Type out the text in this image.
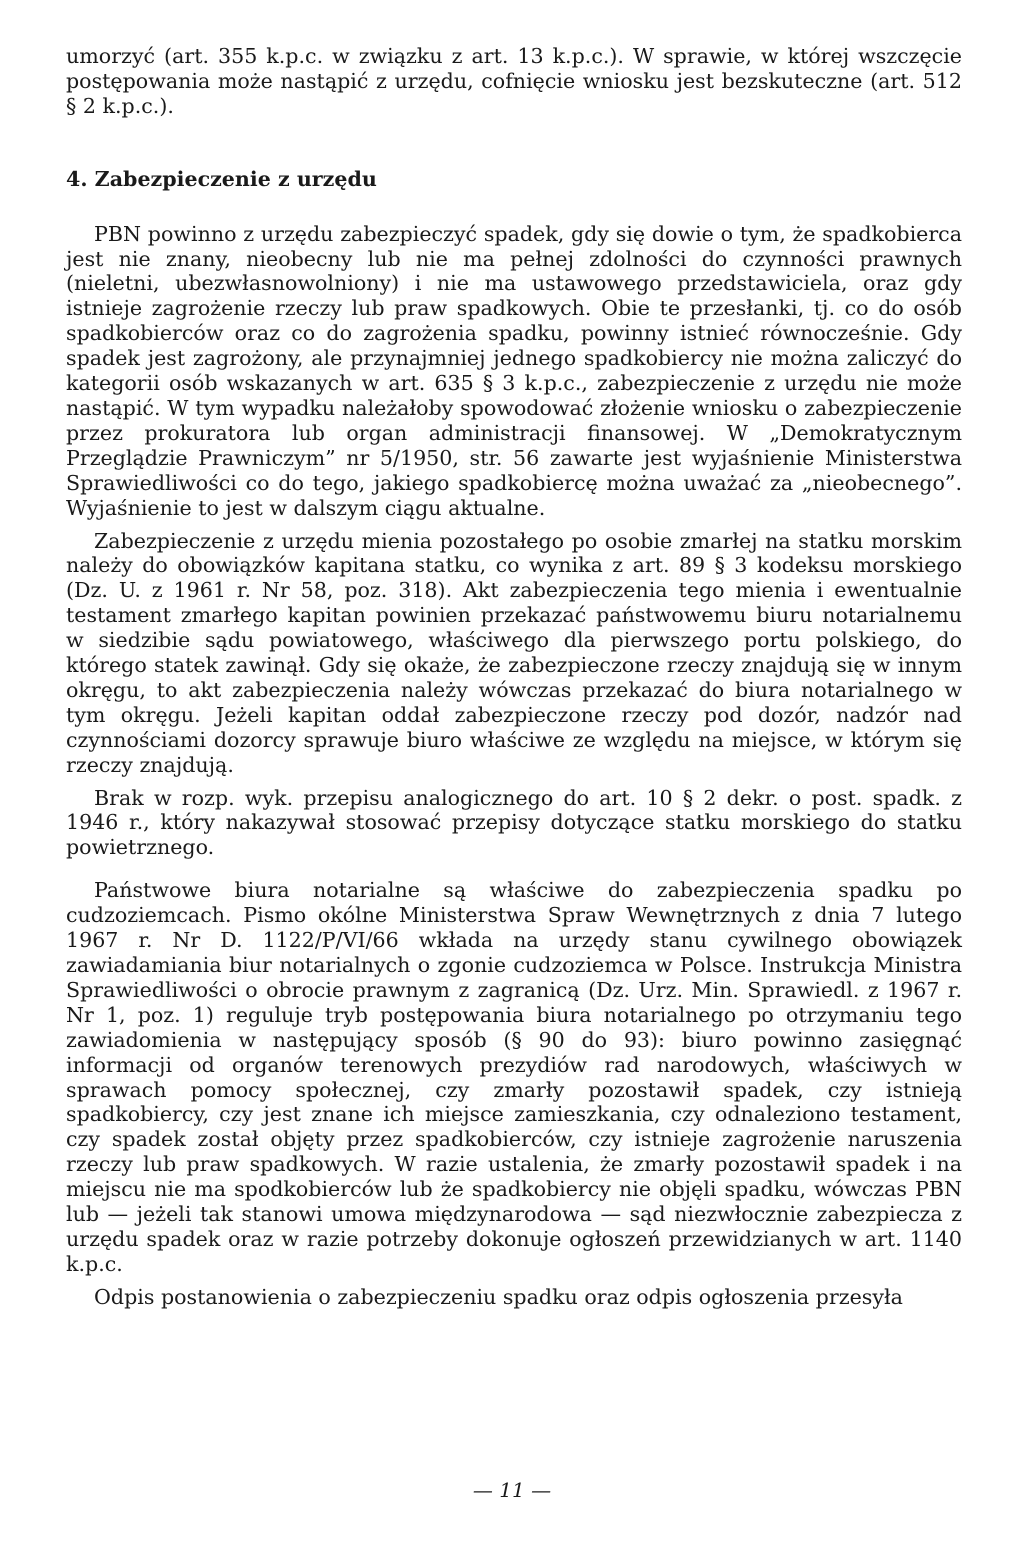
umorzyć (art. 355 k.p.c. w związku z art. 13 k.p.c.). W sprawie, w której wszczęcie postępowania może nastąpić z urzędu, cofnięcie wniosku jest bezskuteczne (art. 512 § 2 k.p.c.).

4. Zabezpieczenie z urzędu

PBN powinno z urzędu zabezpieczyć spadek, gdy się dowie o tym, że spadkobierca jest nie znany, nieobecny lub nie ma pełnej zdolności do czynności prawnych (nieletni, ubezwłasnowolniony) i nie ma ustawowego przedstawiciela, oraz gdy istnieje zagrożenie rzeczy lub praw spadkowych. Obie te przesłanki, tj. co do osób spadkobierców oraz co do zagrożenia spadku, powinny istnieć równocześnie. Gdy spadek jest zagrożony, ale przynajmniej jednego spadkobiercy nie można zaliczyć do kategorii osób wskazanych w art. 635 § 3 k.p.c., zabezpieczenie z urzędu nie może nastąpić. W tym wypadku należałoby spowodować złożenie wniosku o zabezpieczenie przez prokuratora lub organ administracji finansowej. W „Demokratycznym Przeglądzie Prawniczym” nr 5/1950, str. 56 zawarte jest wyjaśnienie Ministerstwa Sprawiedliwości co do tego, jakiego spadkobiercę można uważać za „nieobecnego”. Wyjaśnienie to jest w dalszym ciągu aktualne.

Zabezpieczenie z urzędu mienia pozostałego po osobie zmarłej na statku morskim należy do obowiązków kapitana statku, co wynika z art. 89 § 3 kodeksu morskiego (Dz. U. z 1961 r. Nr 58, poz. 318). Akt zabezpieczenia tego mienia i ewentualnie testament zmarłego kapitan powinien przekazać państwowemu biuru notarialnemu w siedzibie sądu powiatowego, właściwego dla pierwszego portu polskiego, do którego statek zawinął. Gdy się okaże, że zabezpieczone rzeczy znajdują się w innym okręgu, to akt zabezpieczenia należy wówczas przekazać do biura notarialnego w tym okręgu. Jeżeli kapitan oddał zabezpieczone rzeczy pod dozór, nadzór nad czynnościami dozorcy sprawuje biuro właściwe ze względu na miejsce, w którym się rzeczy znajdują.

Brak w rozp. wyk. przepisu analogicznego do art. 10 § 2 dekr. o post. spadk. z 1946 r., który nakazywał stosować przepisy dotyczące statku morskiego do statku powietrznego.

Państwowe biura notarialne są właściwe do zabezpieczenia spadku po cudzoziemcach. Pismo okólne Ministerstwa Spraw Wewnętrznych z dnia 7 lutego 1967 r. Nr D. 1122/P/VI/66 wkłada na urzędy stanu cywilnego obowiązek zawiadamiania biur notarialnych o zgonie cudzoziemca w Polsce. Instrukcja Ministra Sprawiedliwości o obrocie prawnym z zagranicą (Dz. Urz. Min. Sprawiedl. z 1967 r. Nr 1, poz. 1) reguluje tryb postępowania biura notarialnego po otrzymaniu tego zawiadomienia w następujący sposób (§ 90 do 93): biuro powinno zasięgnąć informacji od organów terenowych prezydiów rad narodowych, właściwych w sprawach pomocy społecznej, czy zmarły pozostawił spadek, czy istnieją spadkobiercy, czy jest znane ich miejsce zamieszkania, czy odnaleziono testament, czy spadek został objęty przez spadkobierców, czy istnieje zagrożenie naruszenia rzeczy lub praw spadkowych. W razie ustalenia, że zmarły pozostawił spadek i na miejscu nie ma spodkobierców lub że spadkobiercy nie objęli spadku, wówczas PBN lub — jeżeli tak stanowi umowa międzynarodowa — sąd niezwłocznie zabezpiecza z urzędu spadek oraz w razie potrzeby dokonuje ogłoszeń przewidzianych w art. 1140 k.p.c.

Odpis postanowienia o zabezpieczeniu spadku oraz odpis ogłoszenia przesyła

— 11 —
